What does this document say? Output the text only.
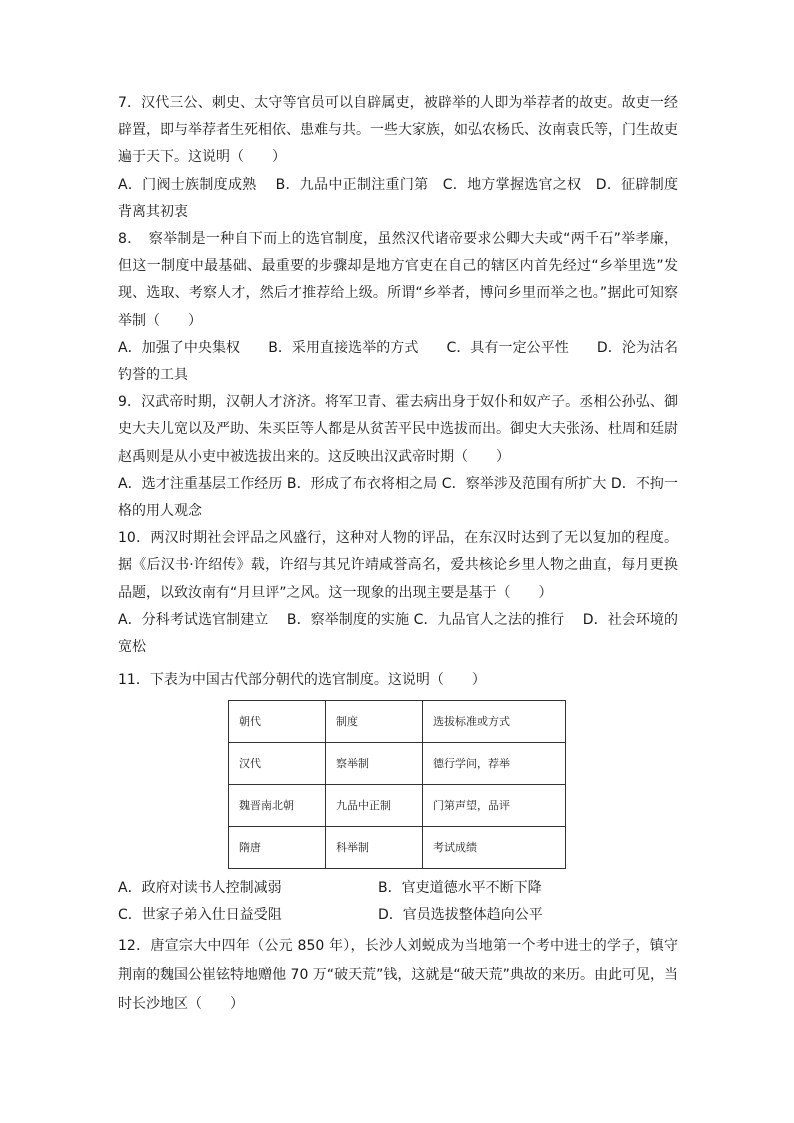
7．汉代三公、刺史、太守等官员可以自辟属吏，被辟举的人即为举荐者的故吏。故吏一经辟置，即与举荐者生死相依、患难与共。一些大家族，如弘农杨氏、汝南袁氏等，门生故吏遍于天下。这说明（　　）

A．门阀士族制度成熟　 B．九品中正制注重门第　C．地方掌握选官之权　D．征辟制度背离其初衷

8．　察举制是一种自下而上的选官制度，虽然汉代诸帝要求公卿大夫或“两千石”举孝廉，但这一制度中最基础、最重要的步骤却是地方官吏在自己的辖区内首先经过“乡举里选”发现、选取、考察人才，然后才推荐给上级。所谓“乡举者，博问乡里而举之也。”据此可知察举制（　　）

A．加强了中央集权　　B．采用直接选举的方式　　C．具有一定公平性　　D．沦为沽名钓誉的工具

9．汉武帝时期，汉朝人才济济。将军卫青、霍去病出身于奴仆和奴产子。丞相公孙弘、御史大夫儿宽以及严助、朱买臣等人都是从贫苦平民中选拔而出。御史大夫张汤、杜周和廷尉赵禹则是从小吏中被选拔出来的。这反映出汉武帝时期（　　）

A．选才注重基层工作经历 B．形成了布衣将相之局 C．察举涉及范围有所扩大 D．不拘一格的用人观念

10．两汉时期社会评品之风盛行，这种对人物的评品，在东汉时达到了无以复加的程度。据《后汉书·许绍传》载，许绍与其兄许靖咸誉高名，爱共核论乡里人物之曲直，每月更换品题，以致汝南有“月旦评”之风。这一现象的出现主要是基于（　　）

A．分科考试选官制建立　 B．察举制度的实施 C．九品官人之法的推行　 D．社会环境的宽松

11．下表为中国古代部分朝代的选官制度。这说明（　　）

朝代	制度	选拔标准或方式
汉代	察举制	德行学问，荐举
魏晋南北朝	九品中正制	门第声望，品评
隋唐	科举制	考试成绩
A．政府对读书人控制减弱	B．官吏道德水平不断下降
C．世家子弟入仕日益受阻	D．官员选拔整体趋向公平

12．唐宣宗大中四年（公元 850 年），长沙人刘蜕成为当地第一个考中进士的学子，镇守荆南的魏国公崔铉特地赠他 70 万“破天荒”钱，这就是“破天荒”典故的来历。由此可见，当时长沙地区（　　）
